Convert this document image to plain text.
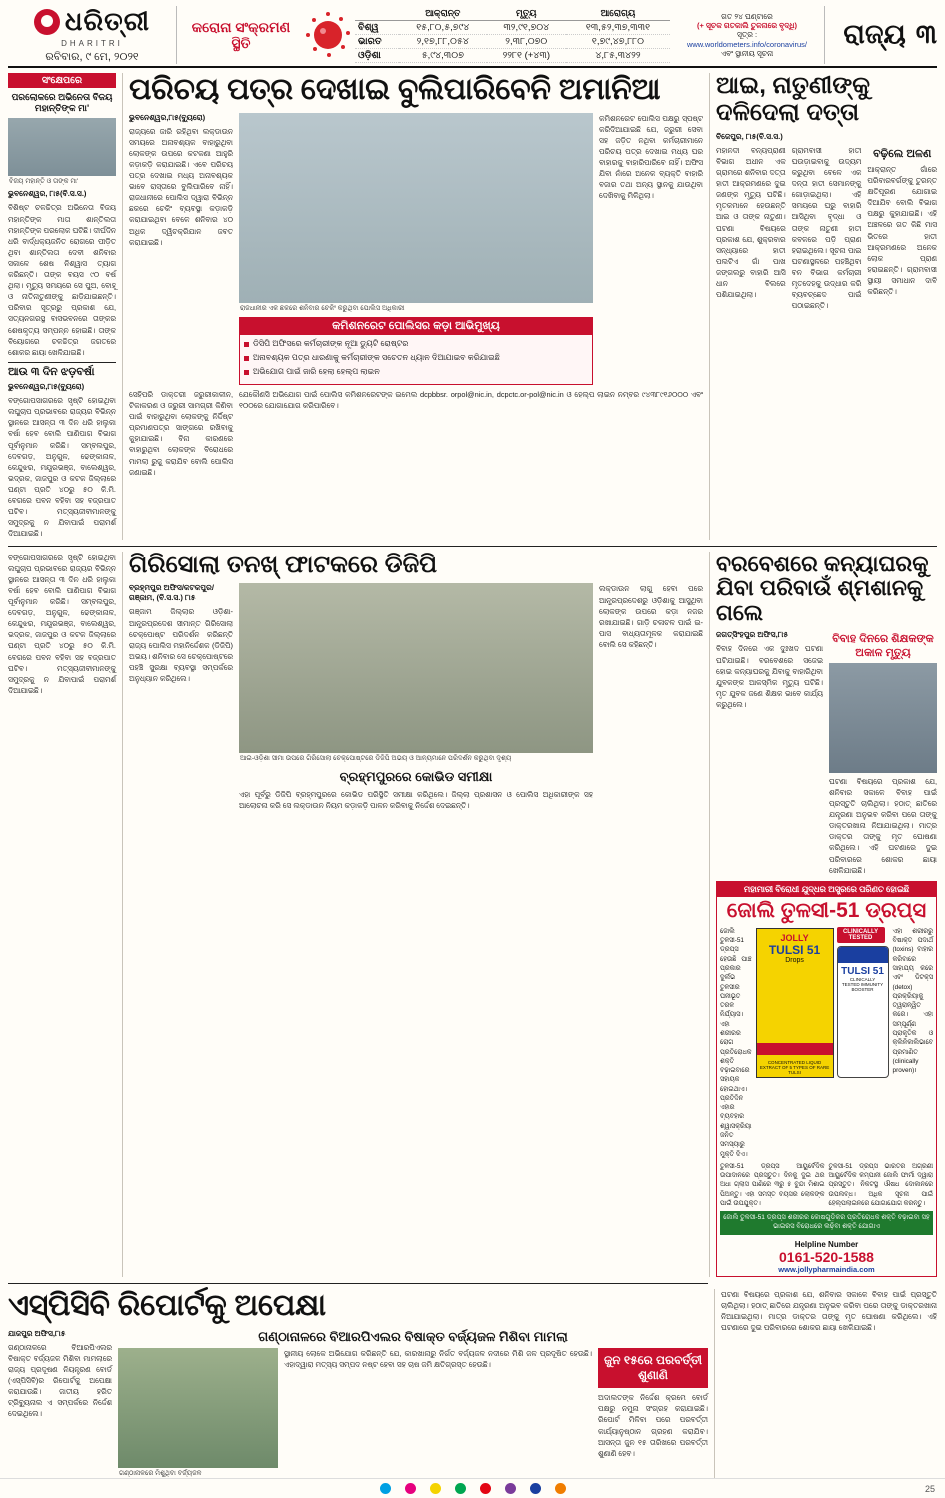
ଧରିତ୍ରୀ
DHARITRI
ରବିବାର, ୯ ମେ, ୨୦୨୧
କରୋନା ସଂକ୍ରମଣ ସ୍ଥିତି
	ଆକ୍ରାନ୍ତ	ମୃତ୍ୟୁ	ଆରୋଗ୍ୟ
ବିଶ୍ୱ	୧୫,୮୦,୫,୭୯୪	୩୨,୯୧,୭୦୪	୧୩,୫୨,୩୭,୩୩୧
ଭାରତ	୨,୧୭,୮୮,୦୫୪	୨,୩୮,୦୭୦	୧,୭୯,୪୭,୮୮୦
ଓଡ଼ିଶା	୫,୯୪,୩୦୭	୨୨୮୧ (+୪୩)	୪,୮୫,୩୪୨୨
ଗତ ୨୪ ଘଣ୍ଟାରେ
(+ ସୂଚକ ଗତକାଲି ତୁଳନାରେ ବୃଦ୍ଧି)
ସୂତ୍ର :
www.worldometers.info/coronavirus/
ଏବଂ ସ୍ଥାନୀୟ ସୂଚନା
ରାଜ୍ୟ ୩
ସଂକ୍ଷେପରେ
ପରଲୋକରେ ଅଭିନେତା ବିଜୟ ମହାନ୍ତିଙ୍କ ମା'
ବିଜୟ ମହାନ୍ତି ଓ ତାଙ୍କ ମା'
ଭୁବନେଶ୍ୱର, ୮ା୫(ବି.ସ.ସ.)
ବିଶିଷ୍ଟ ଚଳଚ୍ଚିତ୍ର ଅଭିନେତା ବିଜୟ ମହାନ୍ତିଙ୍କ ମାତା ଶାନ୍ତିଲତା ମହାନ୍ତିଙ୍କ ପରଲୋକ ଘଟିଛି। ଦୀର୍ଘଦିନ ଧରି ବାର୍ଦ୍ଧକ୍ୟଜନିତ ରୋଗରେ ପୀଡ଼ିତ ଥିବା ଶାନ୍ତିଲତା ଦେବୀ ଶନିବାର ସକାଳେ ଶେଷ ନିଶ୍ୱାସ ତ୍ୟାଗ କରିଛନ୍ତି। ତାଙ୍କ ବୟସ ୯୦ ବର୍ଷ ଥିଲା। ମୃତ୍ୟୁ ସମୟରେ ସେ ପୁଅ, ବୋହୂ ଓ ନାତିନାତୁଣୀଙ୍କୁ ଛାଡ଼ିଯାଇଛନ୍ତି। ପରିବାର ସୂତ୍ରରୁ ପ୍ରକାଶ ଯେ, ସତ୍ୟନଗରସ୍ଥ ବାସଭବନରେ ତାଙ୍କର ଶେଷକୃତ୍ୟ ସମ୍ପନ୍ନ ହୋଇଛି। ତାଙ୍କ ବିୟୋଗରେ ଚଳଚ୍ଚିତ୍ର ଜଗତରେ ଶୋକର ଛାୟା ଖେଳିଯାଇଛି।
ଆଉ ୩ ଦିନ ଝଡ଼ବର୍ଷା
ଭୁବନେଶ୍ୱର,୮ା୫(ବୁ୍ୟରୋ)
ବଙ୍ଗୋପସାଗରରେ ସୃଷ୍ଟି ହୋଇଥିବା ଲଘୁଚାପ ପ୍ରଭାବରେ ରାଜ୍ୟର ବିଭିନ୍ନ ସ୍ଥାନରେ ଆସନ୍ତା ୩ ଦିନ ଧରି ହାଲୁକା ବର୍ଷା ହେବ ବୋଲି ପାଣିପାଗ ବିଭାଗ ପୂର୍ବାନୁମାନ କରିଛି। ସମ୍ବଲପୁର, ଦେବଗଡ଼, ଅନୁଗୁଳ, ଢେଙ୍କାନାଳ, କେନ୍ଦୁଝର, ମୟୂରଭଞ୍ଜ, ବାଲେଶ୍ୱର, ଭଦ୍ରକ, ଜାଜପୁର ଓ କଟକ ଜିଲ୍ଲାରେ ଘଣ୍ଟା ପ୍ରତି ୪୦ରୁ ୫୦ କି.ମି. ବେଗରେ ପବନ ବହିବା ସହ ବଜ୍ରପାତ ଘଟିବ। ମତ୍ସ୍ୟଜୀବୀମାନଙ୍କୁ ସମୁଦ୍ରକୁ ନ ଯିବାପାଇଁ ପରାମର୍ଶ ଦିଆଯାଇଛି।
ପରିଚୟ ପତ୍ର ଦେଖାଇ ବୁଲିପାରିବେନି ଅମାନିଆ
ଭୁବନେଶ୍ୱର,୮ା୫(ବ୍ୟୁରୋ)
ରାଜ୍ୟରେ ଜାରି ରହିଥିବା ଲକ୍‌ଡାଉନ ସମୟରେ ଅନାବଶ୍ୟକ ବାହାରୁଥିବା ଲୋକଙ୍କ ଉପରେ କଟକଣା ଆହୁରି କଡ଼ାକଡ଼ି କରାଯାଇଛି। ଏବେ ପରିଚୟ ପତ୍ର ଦେଖାଇ ମଧ୍ୟ ଅନାବଶ୍ୟକ ଭାବେ ରାସ୍ତାରେ ବୁଲିପାରିବେ ନାହିଁ। ରାଜଧାନୀରେ ପୋଲିସ ଦ୍ୱାରା ବିଭିନ୍ନ ଛକରେ ଚେକିଂ ବ୍ୟବସ୍ଥା କଡ଼ାକଡ଼ି କରାଯାଇଥିବା ବେଳେ ଶନିବାର ୪୦ ଅଧିକ ଦ୍ୱିଚକ୍ରିଯାନ ଜବତ କରାଯାଇଛି।
ରାଜଧାନୀର ଏକ ଛକରେ ଶନିବାର ଚେକିଂ କରୁଥିବା ପୋଲିସ ଅଧିକାରୀ
କମିଶନରେଟ ପୋଲିସର କଡ଼ା ଆଭିମୁଖ୍ୟ
ଡିସିପି ଅଫିସରେ କର୍ମଚାରୀଙ୍କ ନୂଆ ଡ୍ୟୁଟି ରୋଷ୍ଟର
ଅନାବଶ୍ୟକ ପତ୍ର ଧାରଣାକୁ କର୍ମଚାରୀଙ୍କ ସଚେତନ ଧ୍ୟାନ ଦିଆଯାଇବ କରିଯାଇଛି
ଅଭିଯୋଗ ପାଇଁ ଜାରି ହେଲା ହେଲ୍ପ ଲାଇନ
କମିଶନରେଟ ପୋଲିସ ପକ୍ଷରୁ ସ୍ପଷ୍ଟ କରିଦିଆଯାଇଛି ଯେ, ଜରୁରୀ ସେବା ସହ ଜଡ଼ିତ ନଥିବା କର୍ମଚାରୀମାନେ ପରିଚୟ ପତ୍ର ଦେଖାଇ ମଧ୍ୟ ଘର ବାହାରକୁ ବାହାରିପାରିବେ ନାହିଁ। ଅଫିସ ଯିବା ନାଁରେ ଅନେକ ବ୍ୟକ୍ତି ବାହାରି ବଜାର ତଥା ଅନ୍ୟ ସ୍ଥାନକୁ ଯାଉଥିବା ଦେଖିବାକୁ ମିଳିଥିଲା।
ସେହିପରି ଡାକ୍ତରୀ ଜରୁରୀକାଳୀନ, ଟିକାକରଣ ଓ ଜରୁରୀ ସାମଗ୍ରୀ କିଣିବା ପାଇଁ ବାହାରୁଥିବା ଲୋକଙ୍କୁ ନିର୍ଦ୍ଦିଷ୍ଟ ପ୍ରମାଣପତ୍ର ସାଙ୍ଗରେ ରଖିବାକୁ କୁହାଯାଇଛି। ବିନା କାରଣରେ ବାହାରୁଥିବା ଲୋକଙ୍କ ବିରୋଧରେ ମାମଲା ରୁଜୁ କରାଯିବ ବୋଲି ପୋଲିସ ଜଣାଇଛି।
ଯେକୌଣସି ଅଭିଯୋଗ ପାଇଁ ପୋଲିସ କମିଶନରେଟଙ୍କ ଇମେଲ dcpbbsr. orpol@nic.in, dcpctc.or-pol@nic.in ଓ ହେଲ୍ପ ଲାଇନ ନମ୍ବର ୯୪୩୮୯୧୬୦୦୦ ଏବଂ ୧୦୦ରେ ଯୋଗାଯୋଗ କରିପାରିବେ।
ଆଇ, ନାତୁଣୀଙ୍କୁ ଦଳିଦେଲା ଦତ୍ତା
ବିଜେପୁର, ୮ା୫(ବି.ସ.ସ.)
ମହାନଦୀ ବନ୍ୟପ୍ରାଣୀ ବିଭାଗ ଅଧୀନ ଏକ ଗ୍ରାମରେ ଶନିବାର ଦତ୍ତା ହାତୀ ଆକ୍ରମଣରେ ଦୁଇ ଜଣଙ୍କ ମୃତ୍ୟୁ ଘଟିଛି। ମୃତକମାନେ ହେଉଛନ୍ତି ଆଇ ଓ ତାଙ୍କ ନାତୁଣୀ। ଘଟଣା ବିଷୟରେ ପ୍ରକାଶ ଯେ, ଶୁକ୍ରବାର ସନ୍ଧ୍ୟାରେ ହାତୀ ପଲଟିଏ ଗାଁ ପାଖ ଜଙ୍ଗଲରୁ ବାହାରି ଆସି ଧାନ ବିଲରେ ପଶିଯାଇଥିଲା।
ଗ୍ରାମବାସୀ ହାତୀ ଘଉଡ଼ାଇବାକୁ ଉଦ୍ୟମ କରୁଥିବା ବେଳେ ଏକ ଦନ୍ତା ହାତୀ ସେମାନଙ୍କୁ ଗୋଡ଼ାଇଥିଲା। ଏହି ସମୟରେ ଘରୁ ବାହାରି ଆସିଥିବା ବୃଦ୍ଧା ଓ ତାଙ୍କ ନାତୁଣୀ ହାତୀ କବଳରେ ପଡ଼ି ପ୍ରାଣ ହରାଇଥିଲେ। ସୂଚନା ପାଇ ଘଟଣାସ୍ଥଳରେ ପହଞ୍ଚିଥିବା ବନ ବିଭାଗ କର୍ମଚାରୀ ମୃତଦେହକୁ ଉଦ୍ଧାର କରି ବ୍ୟବଚ୍ଛେଦ ପାଇଁ ପଠାଇଛନ୍ତି।
ବଢ଼ିଲେ ଅଳଣ
ଆକ୍ରାନ୍ତ ଗାଁରେ ପରିବାରବର୍ଗଙ୍କୁ ତୁରନ୍ତ କ୍ଷତିପୂରଣ ଯୋଗାଇ ଦିଆଯିବ ବୋଲି ବିଭାଗ ପକ୍ଷରୁ କୁହାଯାଇଛି। ଏହି ଅଞ୍ଚଳରେ ଗତ କିଛି ମାସ ଭିତରେ ହାତୀ ଆକ୍ରମଣରେ ଅନେକ ଲୋକ ପ୍ରାଣ ହରାଇଛନ୍ତି। ଗ୍ରାମବାସୀ ସ୍ଥାୟୀ ସମାଧାନ ଦାବି କରିଛନ୍ତି।
ବଙ୍ଗୋପସାଗରରେ ସୃଷ୍ଟି ହୋଇଥିବା ଲଘୁଚାପ ପ୍ରଭାବରେ ରାଜ୍ୟର ବିଭିନ୍ନ ସ୍ଥାନରେ ଆସନ୍ତା ୩ ଦିନ ଧରି ହାଲୁକା ବର୍ଷା ହେବ ବୋଲି ପାଣିପାଗ ବିଭାଗ ପୂର୍ବାନୁମାନ କରିଛି। ସମ୍ବଲପୁର, ଦେବଗଡ଼, ଅନୁଗୁଳ, ଢେଙ୍କାନାଳ, କେନ୍ଦୁଝର, ମୟୂରଭଞ୍ଜ, ବାଲେଶ୍ୱର, ଭଦ୍ରକ, ଜାଜପୁର ଓ କଟକ ଜିଲ୍ଲାରେ ଘଣ୍ଟା ପ୍ରତି ୪୦ରୁ ୫୦ କି.ମି. ବେଗରେ ପବନ ବହିବା ସହ ବଜ୍ରପାତ ଘଟିବ। ମତ୍ସ୍ୟଜୀବୀମାନଙ୍କୁ ସମୁଦ୍ରକୁ ନ ଯିବାପାଇଁ ପରାମର୍ଶ ଦିଆଯାଇଛି।
ଗିରିସୋଲା ତନଖ୍ ଫାଟକରେ ଡିଜିପି
ବ୍ରହ୍ମପୁର ଅଫିସ/କଟକପୁର/ଗଞ୍ଜାମ, (ବି.ସ.ସ.) ୮ା୫
ଗଞ୍ଜାମ ଜିଲ୍ଲାର ଓଡ଼ିଶା-ଆନ୍ଧ୍ରପ୍ରଦେଶ ସୀମାନ୍ତ ଗିରିସୋଲା ଚେକ୍‌ପୋଷ୍ଟ ପରିଦର୍ଶନ କରିଛନ୍ତି ରାଜ୍ୟ ପୋଲିସ ମହାନିର୍ଦ୍ଦେଶକ (ଡିଜିପି) ଅଭୟ। ଶନିବାର ସେ ଚେକ୍‌ପୋଷ୍ଟରେ ପହଞ୍ଚି ସୁରକ୍ଷା ବ୍ୟବସ୍ଥା ସମ୍ପର୍କରେ ଅନୁଧ୍ୟାନ କରିଥିଲେ।
ଆଇ-ଓଡ଼ିଶା ସୀମା ଉପରେ ଗିରିସୋଲା ଚେକ୍‌ପୋଷ୍ଟରେ ଡିଜିପି ଅଭୟ ଓ ଆନ୍ୟମାନେ ପରିଦର୍ଶନ କରୁଥିବା ଦୃଶ୍ୟ
ବ୍ରହ୍ମପୁରରେ କୋଭିଡ ସମୀକ୍ଷା
ଏହା ପୂର୍ବରୁ ଡିଜିପି ବ୍ରହ୍ମପୁରରେ କୋଭିଡ ପରିସ୍ଥିତି ସମୀକ୍ଷା କରିଥିଲେ। ଜିଲ୍ଲା ପ୍ରଶାସନ ଓ ପୋଲିସ ଅଧିକାରୀଙ୍କ ସହ ଆଲୋଚନା କରି ସେ ଲକ୍‌ଡାଉନ ନିୟମ କଡ଼ାକଡ଼ି ପାଳନ କରିବାକୁ ନିର୍ଦ୍ଦେଶ ଦେଇଛନ୍ତି।
ଲକ୍‌ଡାଉନ ଲାଗୁ ହେବା ପରେ ଆନ୍ଧ୍ରପ୍ରଦେଶରୁ ଓଡ଼ିଶାକୁ ଆସୁଥିବା ଲୋକଙ୍କ ଉପରେ କଡ଼ା ନଜର ରଖାଯାଇଛି। ଗାଡ଼ି ଚଳାଚଳ ପାଇଁ ଇ-ପାସ ବାଧ୍ୟତାମୂଳକ କରାଯାଇଛି ବୋଲି ସେ କହିଛନ୍ତି।
ବରବେଶରେ କନ୍ୟାଘରକୁ ଯିବା ପରିବାଉଁ ଶ୍ମଶାନକୁ ଗଲେ
ଜଗତ୍‌ସିଂହପୁର ଅଫିସ,୮ା୫
ବିବାହ ଦିନରେ ଏକ ଦୁଃଖଦ ଘଟଣା ଘଟିଯାଇଛି। ବରବେଶରେ ସଜେଇ ହୋଇ କନ୍ୟାଘରକୁ ଯିବାକୁ ବାହାରିଥିବା ଯୁବକଙ୍କ ଆକସ୍ମିକ ମୃତ୍ୟୁ ଘଟିଛି। ମୃତ ଯୁବକ ଜଣେ ଶିକ୍ଷକ ଭାବେ କାର୍ଯ୍ୟ କରୁଥିଲେ।
ବିବାହ ଦିନରେ ଶିକ୍ଷକଙ୍କ ଅକାଳ ମୃତ୍ୟୁ
ଘଟଣା ବିଷୟରେ ପ୍ରକାଶ ଯେ, ଶନିବାର ସକାଳେ ବିବାହ ପାଇଁ ପ୍ରସ୍ତୁତି ଚାଲିଥିଲା। ହଠାତ୍ ଛାତିରେ ଯନ୍ତ୍ରଣା ଅନୁଭବ କରିବା ପରେ ତାଙ୍କୁ ଡାକ୍ତରଖାନା ନିଆଯାଇଥିଲା। ମାତ୍ର ଡାକ୍ତର ତାଙ୍କୁ ମୃତ ଘୋଷଣା କରିଥିଲେ। ଏହି ଘଟଣାରେ ଦୁଇ ପରିବାରରେ ଶୋକର ଛାୟା ଖେଳିଯାଇଛି।
ମହାମାରୀ ବିରୋଧୀ ଯୁଦ୍ଧର ଅସ୍ତ୍ରରେ ପରିଣତ ହୋଇଛି
ଜୋଲି ତୁଳସୀ-51 ଡ୍ରପ୍ସ
ଜୋଲି ତୁଳସୀ-51 ଡ୍ରପ୍ସ ହେଉଛି ପାଞ୍ଚ ପ୍ରକାର ଦୁର୍ଲଭ ତୁଳସୀର ଘନୀଭୂତ ତରଳ ନିର୍ଯ୍ୟାସ। ଏହା ଶରୀରର ରୋଗ ପ୍ରତିରୋଧକ ଶକ୍ତି ବଢ଼ାଇବାରେ ସହାୟକ ହୋଇଥାଏ। ପ୍ରତିଦିନ ଏହାର ବ୍ୟବହାର ଶ୍ୱାସକ୍ରିୟା ଜନିତ ସମସ୍ୟାରୁ ମୁକ୍ତି ଦିଏ।
JOLLY
TULSI 51
Drops
CONCENTRATED LIQUID EXTRACT OF 5 TYPES OF RARE TULSI
CLINICALLY TESTED
TULSI 51
CLINICALLY TESTED IMMUNITY BOOSTER
ଏହା ଶରୀରରୁ ବିଷାକ୍ତ ପଦାର୍ଥ (toxins) ବାହାର କରିବାରେ ସାହାଯ୍ୟ କରେ ଏବଂ ଡିଟକ୍ସ (detox) ପ୍ରକ୍ରିୟାକୁ ତ୍ୱରାନ୍ୱିତ କରେ। ଏହା ସମ୍ପୂର୍ଣ୍ଣ ପ୍ରାକୃତିକ ଓ କ୍ଲିନିକାଲିଭାବେ ପ୍ରମାଣିତ (clinically proven)।
ତୁଳସୀ-51 ଡ୍ରପ୍ସ ଆୟୁର୍ବେଦିକ ଉପାଦାନରେ ପ୍ରସ୍ତୁତ। ଦିନକୁ ଦୁଇ ଥର ଅଧା ଗ୍ଲାସ ପାଣିରେ ୩ରୁ ୫ ବୁନ୍ଦା ମିଶାଇ ପିଅନ୍ତୁ। ଏହା ସମସ୍ତ ବୟସର ଲୋକଙ୍କ ପାଇଁ ଉପଯୁକ୍ତ।
ତୁଳସୀ-51 ଡ୍ରପ୍ସ ଭାରତର ଅଗ୍ରଣୀ ଆୟୁର୍ବେଦିକ କମ୍ପାନୀ ଜୋଲି ଫାର୍ମା ଦ୍ୱାରା ପ୍ରସ୍ତୁତ। ନିକଟସ୍ଥ ଔଷଧ ଦୋକାନରେ ଉପଲବ୍ଧ। ଅଧିକ ସୂଚନା ପାଇଁ ହେଲ୍ପଲାଇନରେ ଯୋଗାଯୋଗ କରନ୍ତୁ।
ଜୋଲି ତୁଳସୀ-51 ଡ୍ରପ୍ସ ଶରୀରର କୋଷଗୁଡ଼ିକର ପ୍ରତିରୋଧକ ଶକ୍ତି ବଢ଼ାଇବା ସହ ଭାଇରସ ବିରୋଧରେ ଲଢ଼ିବା ଶକ୍ତି ଯୋଗାଏ
Helpline Number
0161-520-1588
www.jollypharmaindia.com
ଏସ୍‌ପିସିବି ରିପୋର୍ଟକୁ ଅପେକ୍ଷା
ଯାଜପୁର ଅଫିସ,୮ା୫
ଗଣ୍ଠାନାଳରେ ବିଆରପିଏଲର ବିଷାକ୍ତ ବର୍ଜ୍ୟଜଳ ମିଶିବା ମାମଲାରେ ରାଜ୍ୟ ପ୍ରଦୂଷଣ ନିୟନ୍ତ୍ରଣ ବୋର୍ଡ (ଏସ୍‌ପିସିବି)ର ରିପୋର୍ଟକୁ ଅପେକ୍ଷା କରାଯାଉଛି। ଜାତୀୟ ହରିତ ଟ୍ରିବ୍ୟୁନାଲ ଏ ସମ୍ପର୍କରେ ନିର୍ଦ୍ଦେଶ ଦେଇଥିଲେ।
ଗଣ୍ଠାନାଳରେ ବିଆରପିଏଲର ବିଷାକ୍ତ ବର୍ଜ୍ୟଜଳ ମିଶିବା ମାମଲା
ଗଣ୍ଠାନାଳରେ ମିଶୁଥିବା ବର୍ଜ୍ୟଜଳ
ସ୍ଥାନୀୟ ଲୋକେ ଅଭିଯୋଗ କରିଛନ୍ତି ଯେ, କାରଖାନାରୁ ନିର୍ଗତ ବର୍ଜ୍ୟଜଳ ନଦୀରେ ମିଶି ଜଳ ପ୍ରଦୂଷିତ ହେଉଛି। ଏହାଦ୍ୱାରା ମତ୍ସ୍ୟ ସମ୍ପଦ ନଷ୍ଟ ହେବା ସହ ଚାଷ ଜମି କ୍ଷତିଗ୍ରସ୍ତ ହେଉଛି।	ଜୁନ ୧୫ରେ ପରବର୍ତ୍ତୀ ଶୁଣାଣି
ଅଦାଲତଙ୍କ ନିର୍ଦ୍ଦେଶ କ୍ରମେ ବୋର୍ଡ ପକ୍ଷରୁ ନମୁନା ସଂଗ୍ରହ କରାଯାଇଛି। ରିପୋର୍ଟ ମିଳିବା ପରେ ପରବର୍ତ୍ତୀ କାର୍ଯ୍ୟାନୁଷ୍ଠାନ ଗ୍ରହଣ କରାଯିବ। ଆସନ୍ତା ଜୁନ ୧୫ ତାରିଖରେ ପରବର୍ତ୍ତୀ ଶୁଣାଣି ହେବ।
ଘଟଣା ବିଷୟରେ ପ୍ରକାଶ ଯେ, ଶନିବାର ସକାଳେ ବିବାହ ପାଇଁ ପ୍ରସ୍ତୁତି ଚାଲିଥିଲା। ହଠାତ୍ ଛାତିରେ ଯନ୍ତ୍ରଣା ଅନୁଭବ କରିବା ପରେ ତାଙ୍କୁ ଡାକ୍ତରଖାନା ନିଆଯାଇଥିଲା। ମାତ୍ର ଡାକ୍ତର ତାଙ୍କୁ ମୃତ ଘୋଷଣା କରିଥିଲେ। ଏହି ଘଟଣାରେ ଦୁଇ ପରିବାରରେ ଶୋକର ଛାୟା ଖେଳିଯାଇଛି।
25
